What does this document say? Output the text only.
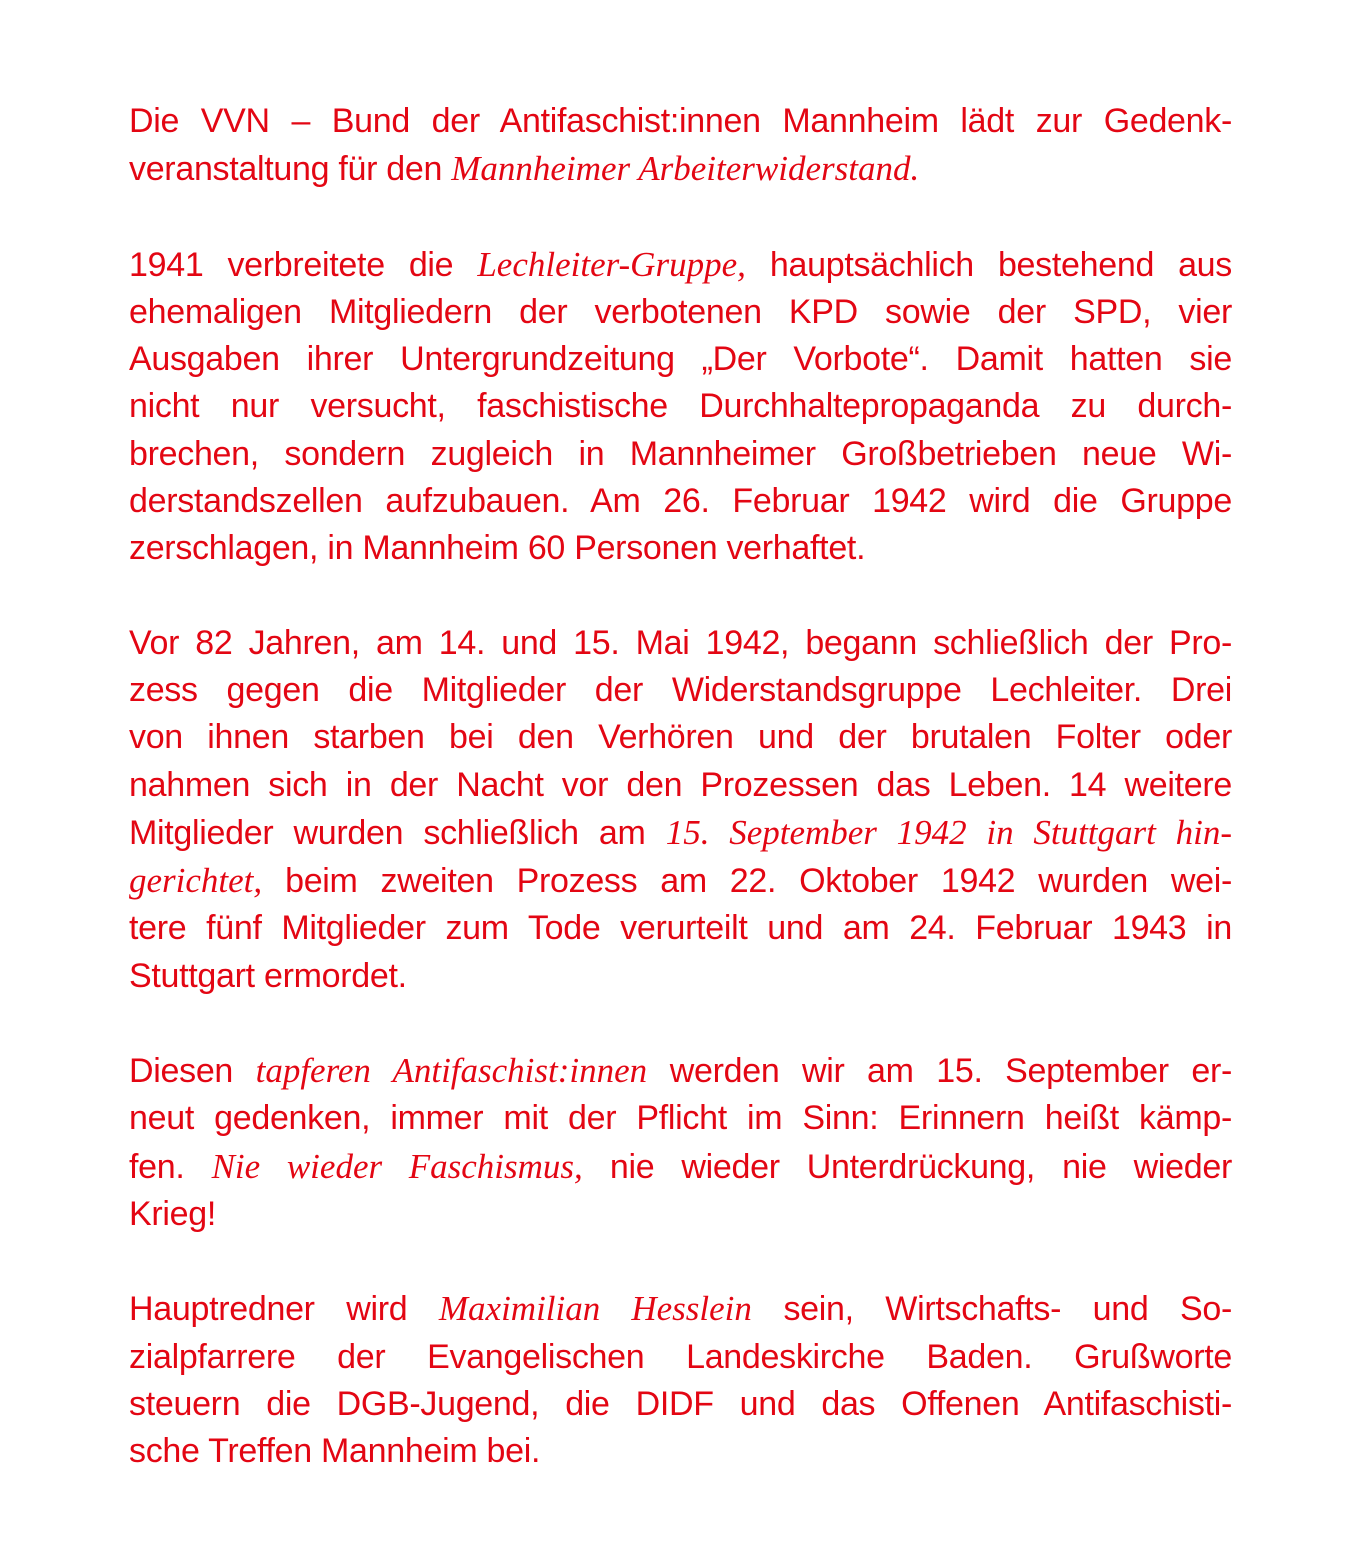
Die VVN – Bund der Antifaschist:innen Mannheim lädt zur Gedenk-
veranstaltung für den Mannheimer Arbeiterwiderstand.

1941 verbreitete die Lechleiter-Gruppe, hauptsächlich bestehend aus
ehemaligen Mitgliedern der verbotenen KPD sowie der SPD, vier
Ausgaben ihrer Untergrundzeitung „Der Vorbote“. Damit hatten sie
nicht nur versucht, faschistische Durchhaltepropaganda zu durch-
brechen, sondern zugleich in Mannheimer Großbetrieben neue Wi-
derstandszellen aufzubauen. Am 26. Februar 1942 wird die Gruppe
zerschlagen, in Mannheim 60 Personen verhaftet.

Vor 82 Jahren, am 14. und 15. Mai 1942, begann schließlich der Pro-
zess gegen die Mitglieder der Widerstandsgruppe Lechleiter. Drei
von ihnen starben bei den Verhören und der brutalen Folter oder
nahmen sich in der Nacht vor den Prozessen das Leben. 14 weitere
Mitglieder wurden schließlich am 15. September 1942 in Stuttgart hin-
gerichtet, beim zweiten Prozess am 22. Oktober 1942 wurden wei-
tere fünf Mitglieder zum Tode verurteilt und am 24. Februar 1943 in
Stuttgart ermordet.

Diesen tapferen Antifaschist:innen werden wir am 15. September er-
neut gedenken, immer mit der Pflicht im Sinn: Erinnern heißt kämp-
fen. Nie wieder Faschismus, nie wieder Unterdrückung, nie wieder
Krieg!

Hauptredner wird Maximilian Hesslein sein, Wirtschafts- und So-
zialpfarrere der Evangelischen Landeskirche Baden. Grußworte
steuern die DGB-Jugend, die DIDF und das Offenen Antifaschisti-
sche Treffen Mannheim bei.
